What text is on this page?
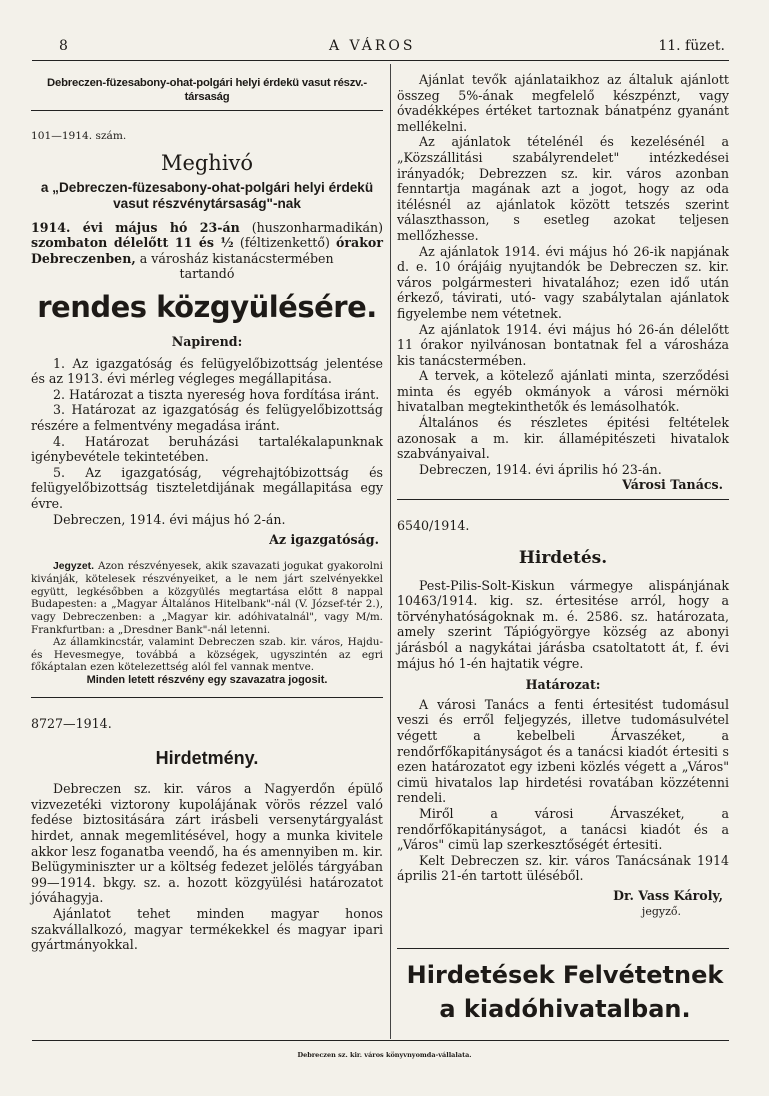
8	A VÁROS	11. füzet.

Debreczen-füzesabony-ohat-polgári helyi érdekü vasut részv.-társaság

101—1914. szám.

Meghivó

a „Debreczen-füzesabony-ohat-polgári helyi érdekü vasut részvénytársaság"-nak

1914. évi május hó 23-án (huszonharmadikán) szombaton délelőtt 11 és ½ (féltizenkettő) órakor Debreczenben, a városház kistanácstermében

tartandó

rendes közgyülésére.

Napirend:

1. Az igazgatóság és felügyelőbizottság jelentése és az 1913. évi mérleg végleges megállapitása.

2. Határozat a tiszta nyereség hova fordítása iránt.

3. Határozat az igazgatóság és felügyelőbizottság részére a felmentvény megadása iránt.

4. Határozat beruházási tartalékalapunknak igénybevétele tekintetében.

5. Az igazgatóság, végrehajtóbizottság és felügyelőbizottság tiszteletdijának megállapitása egy évre.

Debreczen, 1914. évi május hó 2-án.

Az igazgatóság.

Jegyzet. Azon részvényesek, akik szavazati jogukat gyakorolni kivánják, kötelesek részvényeiket, a le nem járt szelvényekkel együtt, legkésőbben a közgyülés megtartása előtt 8 nappal Budapesten: a „Magyar Általános Hitelbank"-nál (V. József-tér 2.), vagy Debreczenben: a „Magyar kir. adóhivatalnál", vagy M/m. Frankfurtban: a „Dresdner Bank"-nál letenni.

Az államkincstár, valamint Debreczen szab. kir. város, Hajdu- és Hevesmegye, továbbá a községek, ugyszintén az egri főkáptalan ezen kötelezettség alól fel vannak mentve.

Minden letett részvény egy szavazatra jogosit.

8727—1914.

Hirdetmény.

Debreczen sz. kir. város a Nagyerdőn épülő vizvezetéki viztorony kupolájának vörös rézzel való fedése biztositására zárt irásbeli versenytárgyalást hirdet, annak megemlitésével, hogy a munka kivitele akkor lesz foganatba veendő, ha és amennyiben m. kir. Belügyminiszter ur a költség fedezet jelölés tárgyában 99—1914. bkgy. sz. a. hozott közgyülési határozatot jóváhagyja.

Ajánlatot tehet minden magyar honos szakvállalkozó, magyar termékekkel és magyar ipari gyártmányokkal.

Ajánlat tevők ajánlataikhoz az általuk ajánlott összeg 5%-ának megfelelő készpénzt, vagy óvadékképes értéket tartoznak bánatpénz gyanánt mellékelni.

Az ajánlatok tételénél és kezelésénél a „Közszállitási szabályrendelet" intézkedései irányadók; Debrezzen sz. kir. város azonban fenntartja magának azt a jogot, hogy az oda itélésnél az ajánlatok között tetszés szerint választhasson, s esetleg azokat teljesen mellőzhesse.

Az ajánlatok 1914. évi május hó 26-ik napjának d. e. 10 órájáig nyujtandók be Debreczen sz. kir. város polgármesteri hivatalához; ezen idő után érkező, távirati, utó- vagy szabálytalan ajánlatok figyelembe nem vétetnek.

Az ajánlatok 1914. évi május hó 26-án délelőtt 11 órakor nyilvánosan bontatnak fel a városháza kis tanácstermében.

A tervek, a kötelező ajánlati minta, szerződési minta és egyéb okmányok a városi mérnöki hivatalban megtekinthetők és lemásolhatók.

Általános és részletes épitési feltételek azonosak a m. kir. államépitészeti hivatalok szabványaival.

Debreczen, 1914. évi április hó 23-án.

Városi Tanács.

6540/1914.

Hirdetés.

Pest-Pilis-Solt-Kiskun vármegye alispánjának 10463/1914. kig. sz. értesitése arról, hogy a törvényhatóságoknak m. é. 2586. sz. határozata, amely szerint Tápiógyörgye község az abonyi járásból a nagykátai járásba csatoltatott át, f. évi május hó 1-én hajtatik végre.

Határozat:

A városi Tanács a fenti értesitést tudomásul veszi és erről feljegyzés, illetve tudomásulvétel végett a kebelbeli Árvaszéket, a rendőrfőkapitányságot és a tanácsi kiadót értesiti s ezen határozatot egy izbeni közlés végett a „Város" cimü hivatalos lap hirdetési rovatában közzétenni rendeli.

Miről a városi Árvaszéket, a rendőrfőkapitányságot, a tanácsi kiadót és a „Város" cimü lap szerkesztőségét értesiti.

Kelt Debreczen sz. kir. város Tanácsának 1914 április 21-én tartott üléséből.

Dr. Vass Károly,

jegyző.

Hirdetések Felvétetnek

a kiadóhivatalban.

Debreczen sz. kir. város könyvnyomda-vállalata.
